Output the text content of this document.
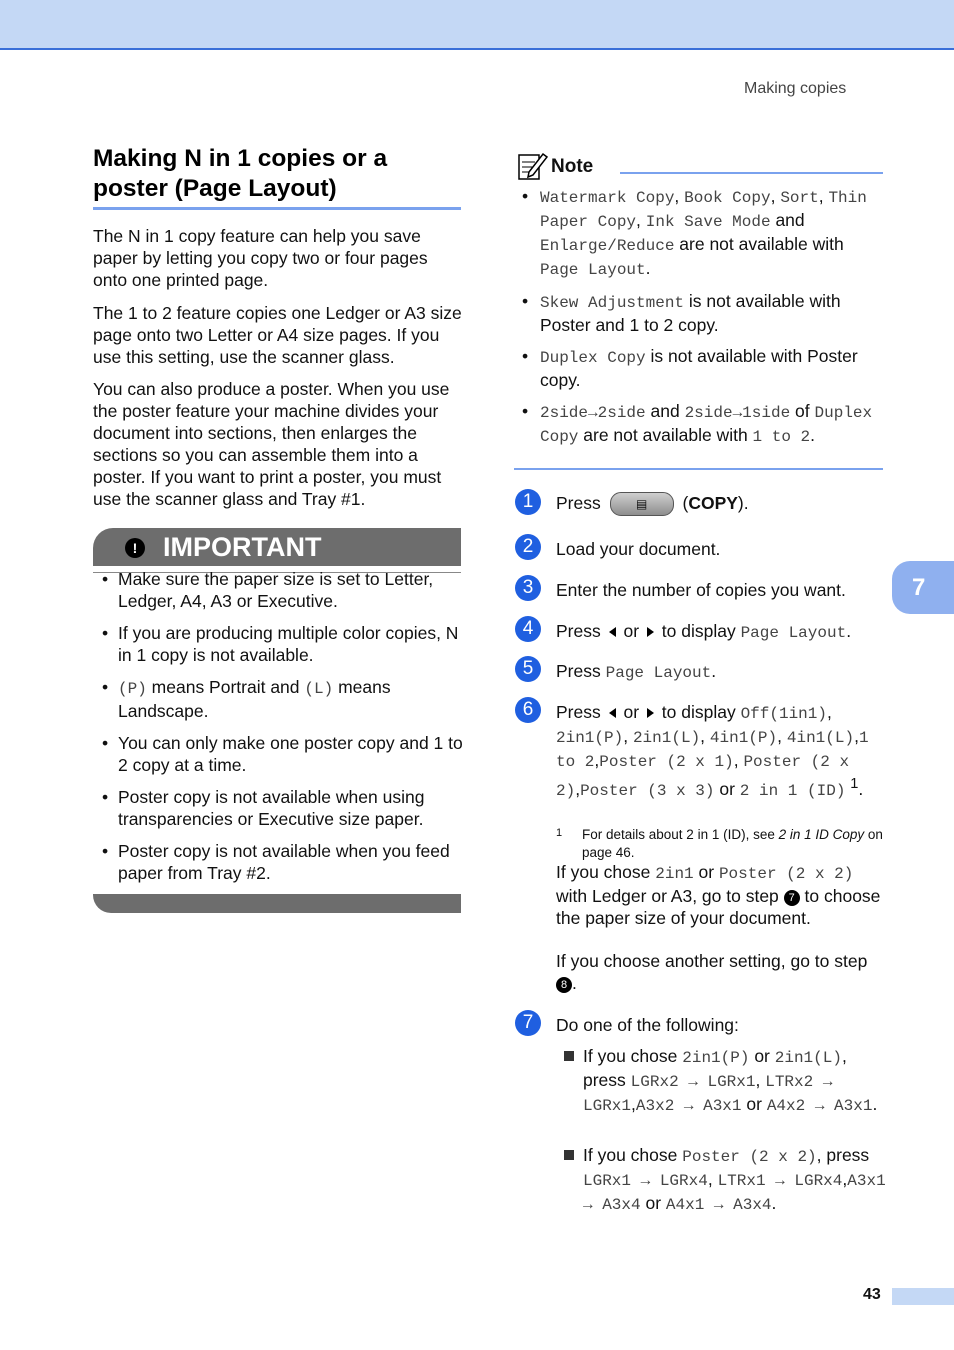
Making copies
Making N in 1 copies or a poster (Page Layout)
The N in 1 copy feature can help you save paper by letting you copy two or four pages onto one printed page.
The 1 to 2 feature copies one Ledger or A3 size page onto two Letter or A4 size pages. If you use this setting, use the scanner glass.
You can also produce a poster. When you use the poster feature your machine divides your document into sections, then enlarges the sections so you can assemble them into a poster. If you want to print a poster, you must use the scanner glass and Tray #1.
! IMPORTANT
• Make sure the paper size is set to Letter, Ledger, A4, A3 or Executive.
• If you are producing multiple color copies, N in 1 copy is not available.
• (P) means Portrait and (L) means Landscape.
• You can only make one poster copy and 1 to 2 copy at a time.
• Poster copy is not available when using transparencies or Executive size paper.
• Poster copy is not available when you feed paper from Tray #2.
Note
• Watermark Copy, Book Copy, Sort, Thin Paper Copy, Ink Save Mode and Enlarge/Reduce are not available with Page Layout.
• Skew Adjustment is not available with Poster and 1 to 2 copy.
• Duplex Copy is not available with Poster copy.
• 2side→2side and 2side→1side of Duplex Copy are not available with 1 to 2.
1	Press	▤ (COPY).
2	Load your document.
3	Enter the number of copies you want.
4	Press  or  to display Page Layout.
5	Press Page Layout.
6	Press  or  to display Off(1in1), 2in1(P), 2in1(L), 4in1(P), 4in1(L),1 to 2,Poster (2 x 1), Poster (2 x 2),Poster (3 x 3) or 2 in 1 (ID) $^1$.
1 For details about 2 in 1 (ID), see 2 in 1 ID Copy on page 46.
If you chose 2in1 or Poster (2 x 2) with Ledger or A3, go to step 7 to choose the paper size of your document.
If you choose another setting, go to step 8 .
7	Do one of the following:
If you chose 2in1(P) or 2in1(L), press LGRx2 → LGRx1, LTRx2 → LGRx1,A3x2 → A3x1 or A4x2 → A3x1.
If you chose Poster (2 x 2), press LGRx1 → LGRx4, LTRx1 → LGRx4,A3x1 → A3x4 or A4x1 → A3x4.
7
43
